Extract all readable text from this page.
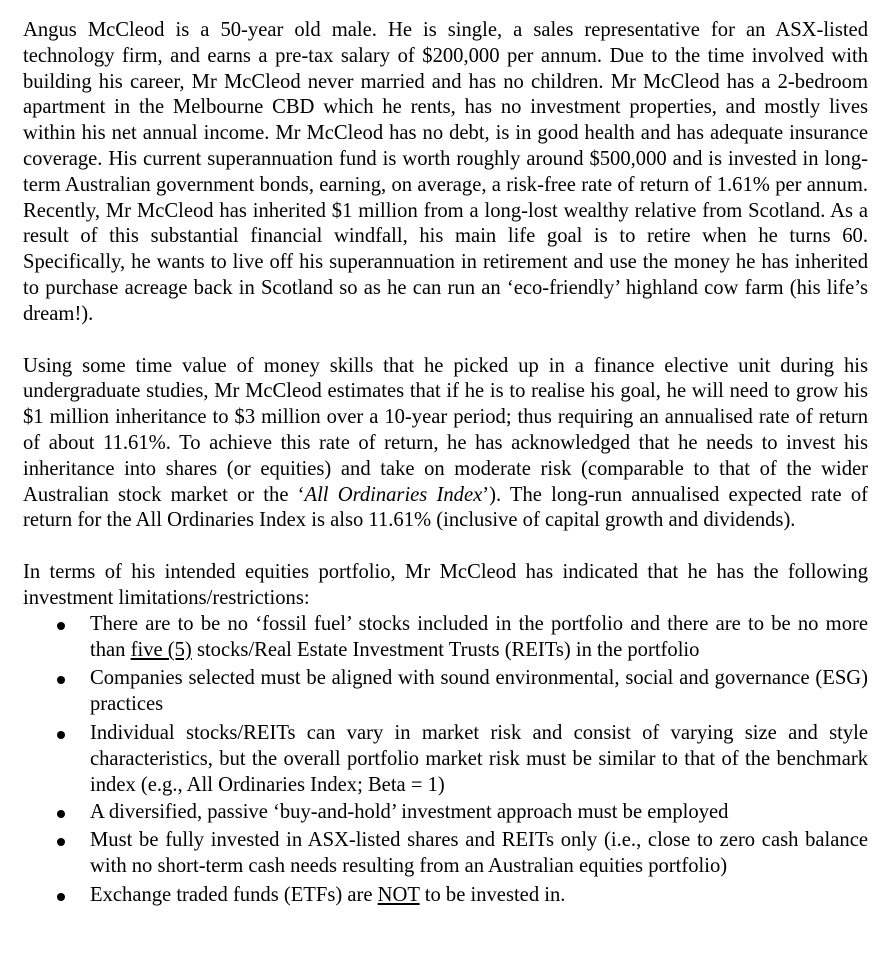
Angus McCleod is a 50-year old male. He is single, a sales representative for an ASX-listed technology firm, and earns a pre-tax salary of $200,000 per annum. Due to the time involved with building his career, Mr McCleod never married and has no children. Mr McCleod has a 2-bedroom apartment in the Melbourne CBD which he rents, has no investment properties, and mostly lives within his net annual income. Mr McCleod has no debt, is in good health and has adequate insurance coverage. His current superannuation fund is worth roughly around $500,000 and is invested in long-term Australian government bonds, earning, on average, a risk-free rate of return of 1.61% per annum. Recently, Mr McCleod has inherited $1 million from a long-lost wealthy relative from Scotland. As a result of this substantial financial windfall, his main life goal is to retire when he turns 60. Specifically, he wants to live off his superannuation in retirement and use the money he has inherited to purchase acreage back in Scotland so as he can run an ‘eco-friendly’ highland cow farm (his life’s dream!).

Using some time value of money skills that he picked up in a finance elective unit during his undergraduate studies, Mr McCleod estimates that if he is to realise his goal, he will need to grow his $1 million inheritance to $3 million over a 10-year period; thus requiring an annualised rate of return of about 11.61%. To achieve this rate of return, he has acknowledged that he needs to invest his inheritance into shares (or equities) and take on moderate risk (comparable to that of the wider Australian stock market or the ‘All Ordinaries Index’). The long-run annualised expected rate of return for the All Ordinaries Index is also 11.61% (inclusive of capital growth and dividends).

In terms of his intended equities portfolio, Mr McCleod has indicated that he has the following investment limitations/restrictions:

There are to be no ‘fossil fuel’ stocks included in the portfolio and there are to be no more than five (5) stocks/Real Estate Investment Trusts (REITs) in the portfolio
Companies selected must be aligned with sound environmental, social and governance (ESG) practices
Individual stocks/REITs can vary in market risk and consist of varying size and style characteristics, but the overall portfolio market risk must be similar to that of the benchmark index (e.g., All Ordinaries Index; Beta = 1)
A diversified, passive ‘buy-and-hold’ investment approach must be employed
Must be fully invested in ASX-listed shares and REITs only (i.e., close to zero cash balance with no short-term cash needs resulting from an Australian equities portfolio)
Exchange traded funds (ETFs) are NOT to be invested in.
